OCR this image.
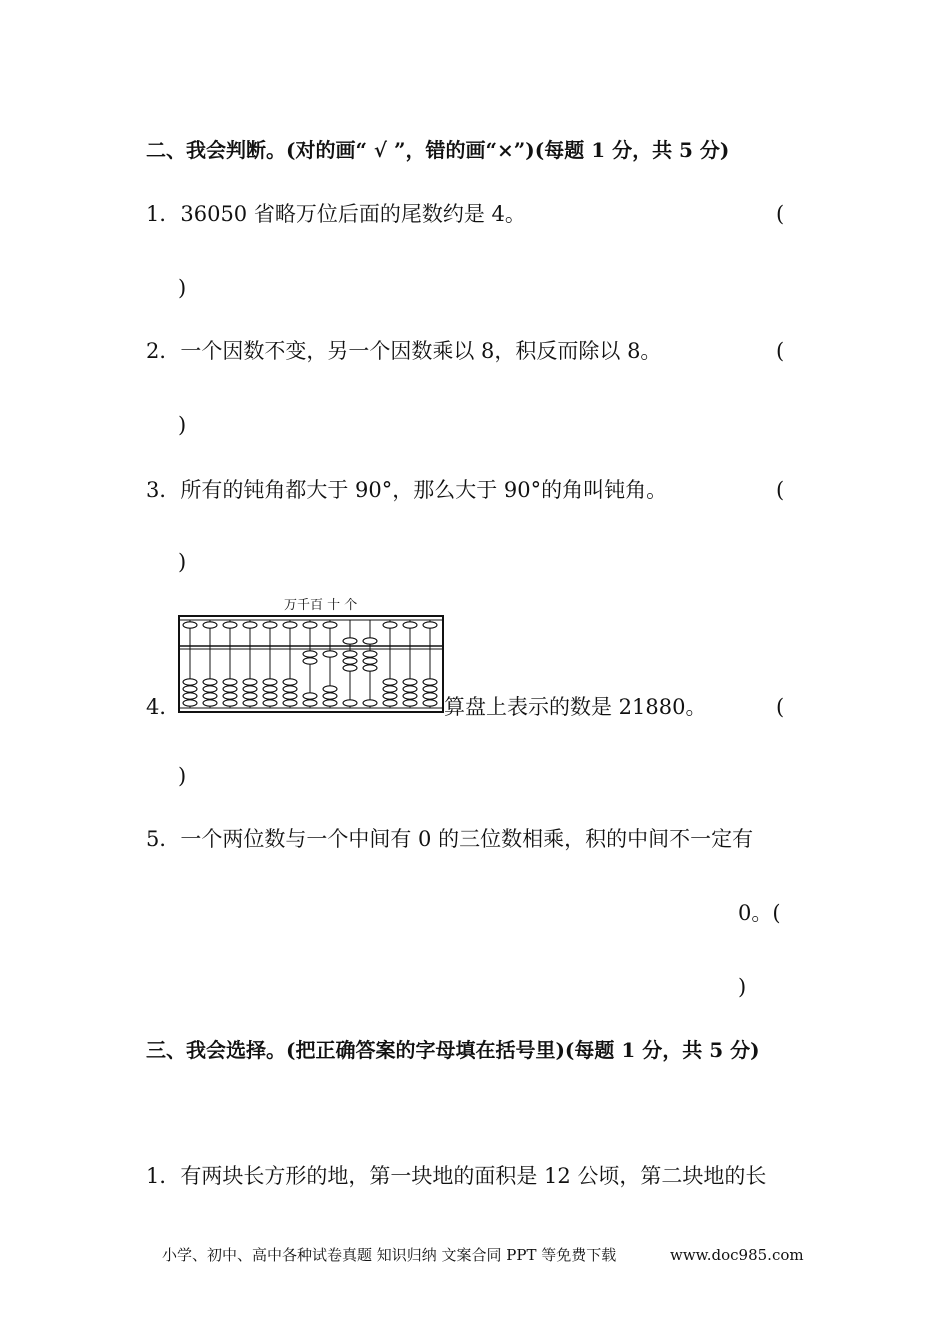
二、我会判断。(对的画“ √ ”，错的画“×”)(每题 1 分，共 5 分)
1．36050 省略万位后面的尾数约是 4。	(
)
2．一个因数不变，另一个因数乘以 8，积反而除以 8。	(
)
3．所有的钝角都大于 90°，那么大于 90°的角叫钝角。	(
)
4．
万千百 十 个
算盘上表示的数是 21880。	(
)
5．一个两位数与一个中间有 0 的三位数相乘，积的中间不一定有
0。(
)
三、我会选择。(把正确答案的字母填在括号里)(每题 1 分，共 5 分)
1．有两块长方形的地，第一块地的面积是 12 公顷，第二块地的长
小学、初中、高中各种试卷真题 知识归纳 文案合同 PPT 等免费下载	www.doc985.com
